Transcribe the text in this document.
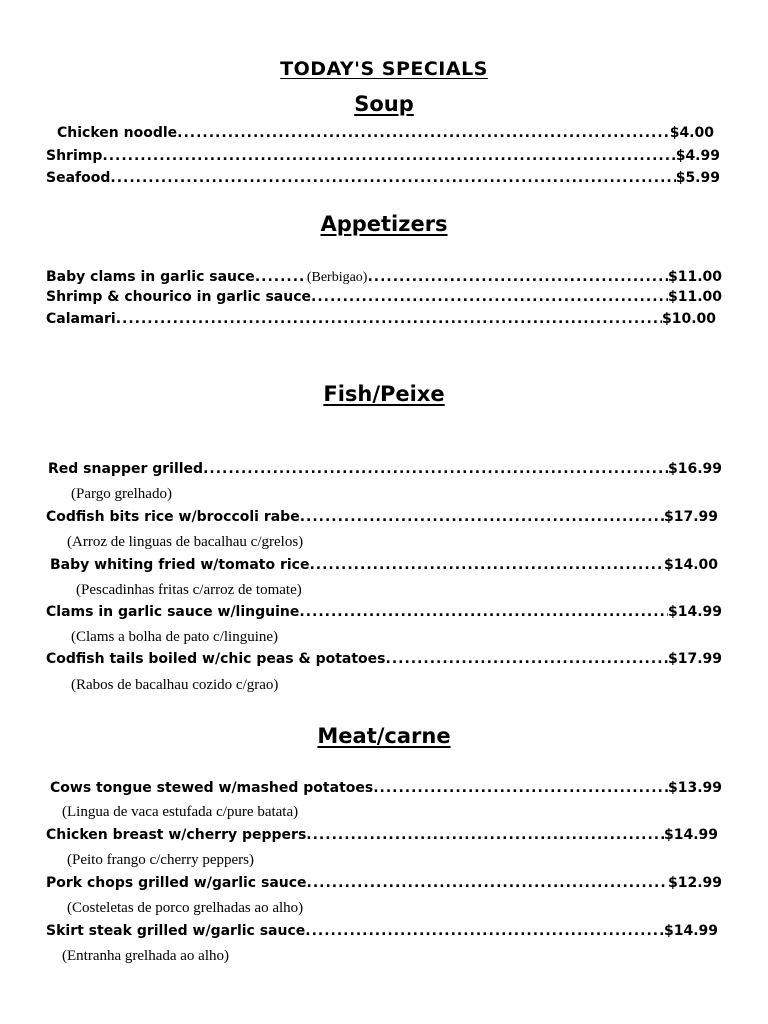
TODAY'S SPECIALS
Soup
Chicken noodle .....	$4.00
Shrimp .....	$4.99
Seafood .....	$5.99
Appetizers
Baby clams in garlic sauce .....	(Berbigao) .....	$11.00
Shrimp & chourico in garlic sauce .....	$11.00
Calamari .....	$10.00
Fish/Peixe
Red snapper grilled .....	$16.99
(Pargo grelhado)
Codfish bits rice w/broccoli rabe .....	$17.99
(Arroz de linguas de bacalhau c/grelos)
Baby whiting fried w/tomato rice .....	$14.00
(Pescadinhas fritas c/arroz de tomate)
Clams in garlic sauce w/linguine .....	$14.99
(Clams a bolha de pato c/linguine)
Codfish tails boiled w/chic peas & potatoes .....	$17.99
(Rabos de bacalhau cozido c/grao)
Meat/carne
Cows tongue stewed w/mashed potatoes .....	$13.99
(Lingua de vaca estufada c/pure batata)
Chicken breast w/cherry peppers .....	$14.99
(Peito frango c/cherry peppers)
Pork chops grilled w/garlic sauce .....	$12.99
(Costeletas de porco grelhadas ao alho)
Skirt steak grilled w/garlic sauce .....	$14.99
(Entranha grelhada ao alho)
